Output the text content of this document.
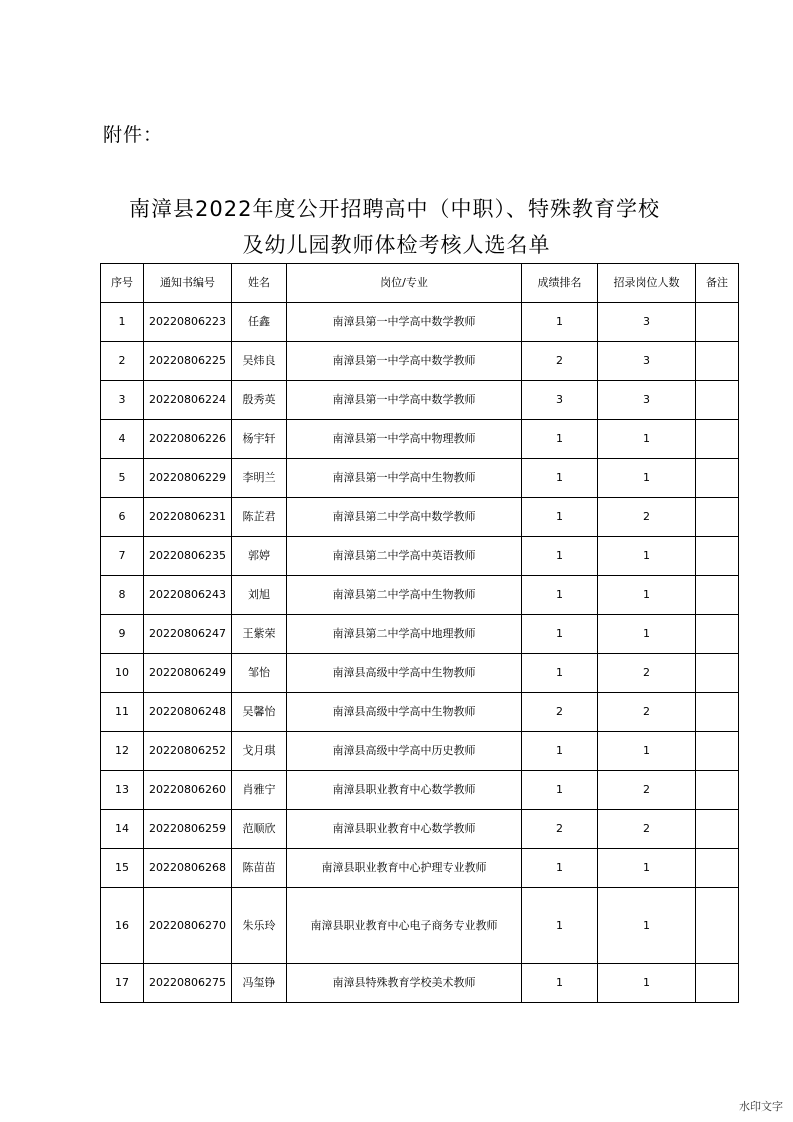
附件：
南漳县2022年度公开招聘高中（中职）、特殊教育学校
及幼儿园教师体检考核人选名单
序号	通知书编号	姓名	岗位/专业	成绩排名	招录岗位人数	备注
1	20220806223	任鑫	南漳县第一中学高中数学教师	1	3	
2	20220806225	吴炜良	南漳县第一中学高中数学教师	2	3	
3	20220806224	殷秀英	南漳县第一中学高中数学教师	3	3	
4	20220806226	杨宇轩	南漳县第一中学高中物理教师	1	1	
5	20220806229	李明兰	南漳县第一中学高中生物教师	1	1	
6	20220806231	陈芷君	南漳县第二中学高中数学教师	1	2	
7	20220806235	郭婷	南漳县第二中学高中英语教师	1	1	
8	20220806243	刘旭	南漳县第二中学高中生物教师	1	1	
9	20220806247	王紫荣	南漳县第二中学高中地理教师	1	1	
10	20220806249	邹怡	南漳县高级中学高中生物教师	1	2	
11	20220806248	吴馨怡	南漳县高级中学高中生物教师	2	2	
12	20220806252	戈月琪	南漳县高级中学高中历史教师	1	1	
13	20220806260	肖雅宁	南漳县职业教育中心数学教师	1	2	
14	20220806259	范顺欣	南漳县职业教育中心数学教师	2	2	
15	20220806268	陈苗苗	南漳县职业教育中心护理专业教师	1	1	
16	20220806270	朱乐玲	南漳县职业教育中心电子商务专业教师	1	1	
17	20220806275	冯玺铮	南漳县特殊教育学校美术教师	1	1	
水印文字
